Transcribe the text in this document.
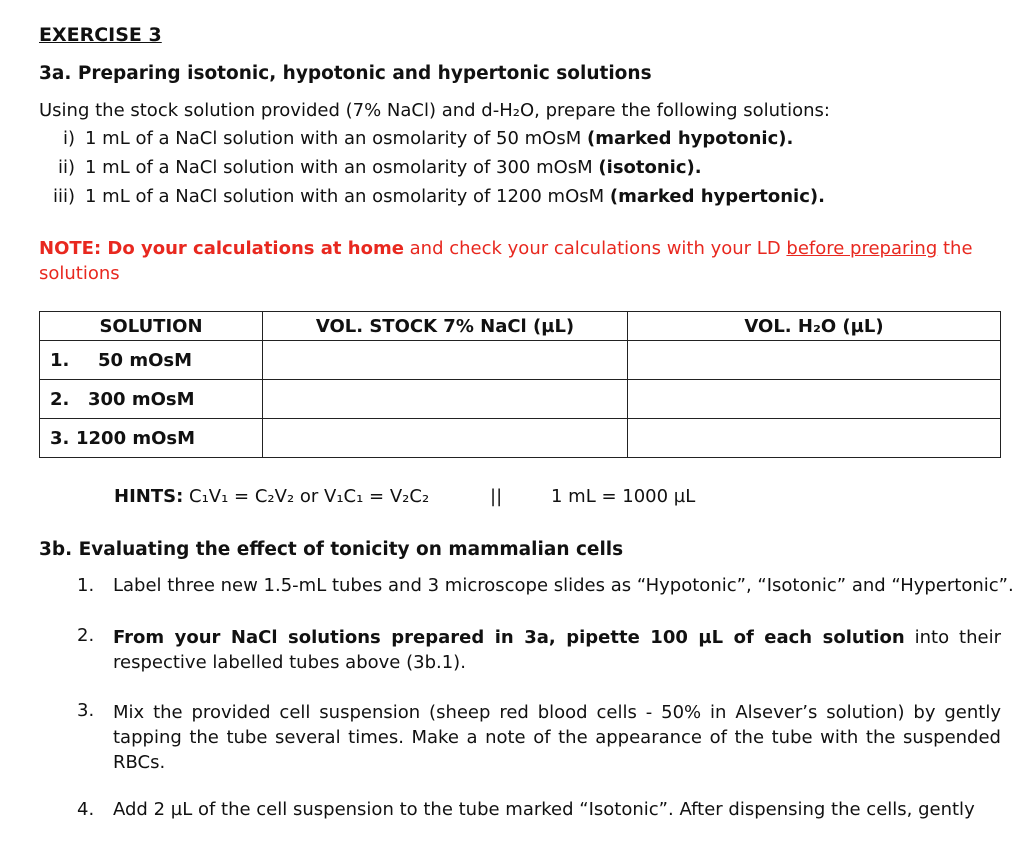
EXERCISE 3
3a. Preparing isotonic, hypotonic and hypertonic solutions
Using the stock solution provided (7% NaCl) and d-H₂O, prepare the following solutions:
i) 1 mL of a NaCl solution with an osmolarity of 50 mOsM (marked hypotonic).
ii) 1 mL of a NaCl solution with an osmolarity of 300 mOsM (isotonic).
iii) 1 mL of a NaCl solution with an osmolarity of 1200 mOsM (marked hypertonic).
NOTE: Do your calculations at home and check your calculations with your LD before preparing the
solutions
SOLUTION	VOL. STOCK 7% NaCl (µL)	VOL. H₂O (µL)
1. 50 mOsM		
2. 300 mOsM		
3. 1200 mOsM		
HINTS: C₁V₁ = C₂V₂ or V₁C₁ = V₂C₂	||	1 mL = 1000 µL
3b. Evaluating the effect of tonicity on mammalian cells
1. Label three new 1.5-mL tubes and 3 microscope slides as “Hypotonic”, “Isotonic” and “Hypertonic”.
2.	From your NaCl solutions prepared in 3a, pipette 100 µL of each solution into their respective labelled tubes above (3b.1).
3.	Mix the provided cell suspension (sheep red blood cells - 50% in Alsever’s solution) by gently tapping the tube several times. Make a note of the appearance of the tube with the suspended RBCs.
4.	Add 2 µL of the cell suspension to the tube marked “Isotonic”. After dispensing the cells, gently
